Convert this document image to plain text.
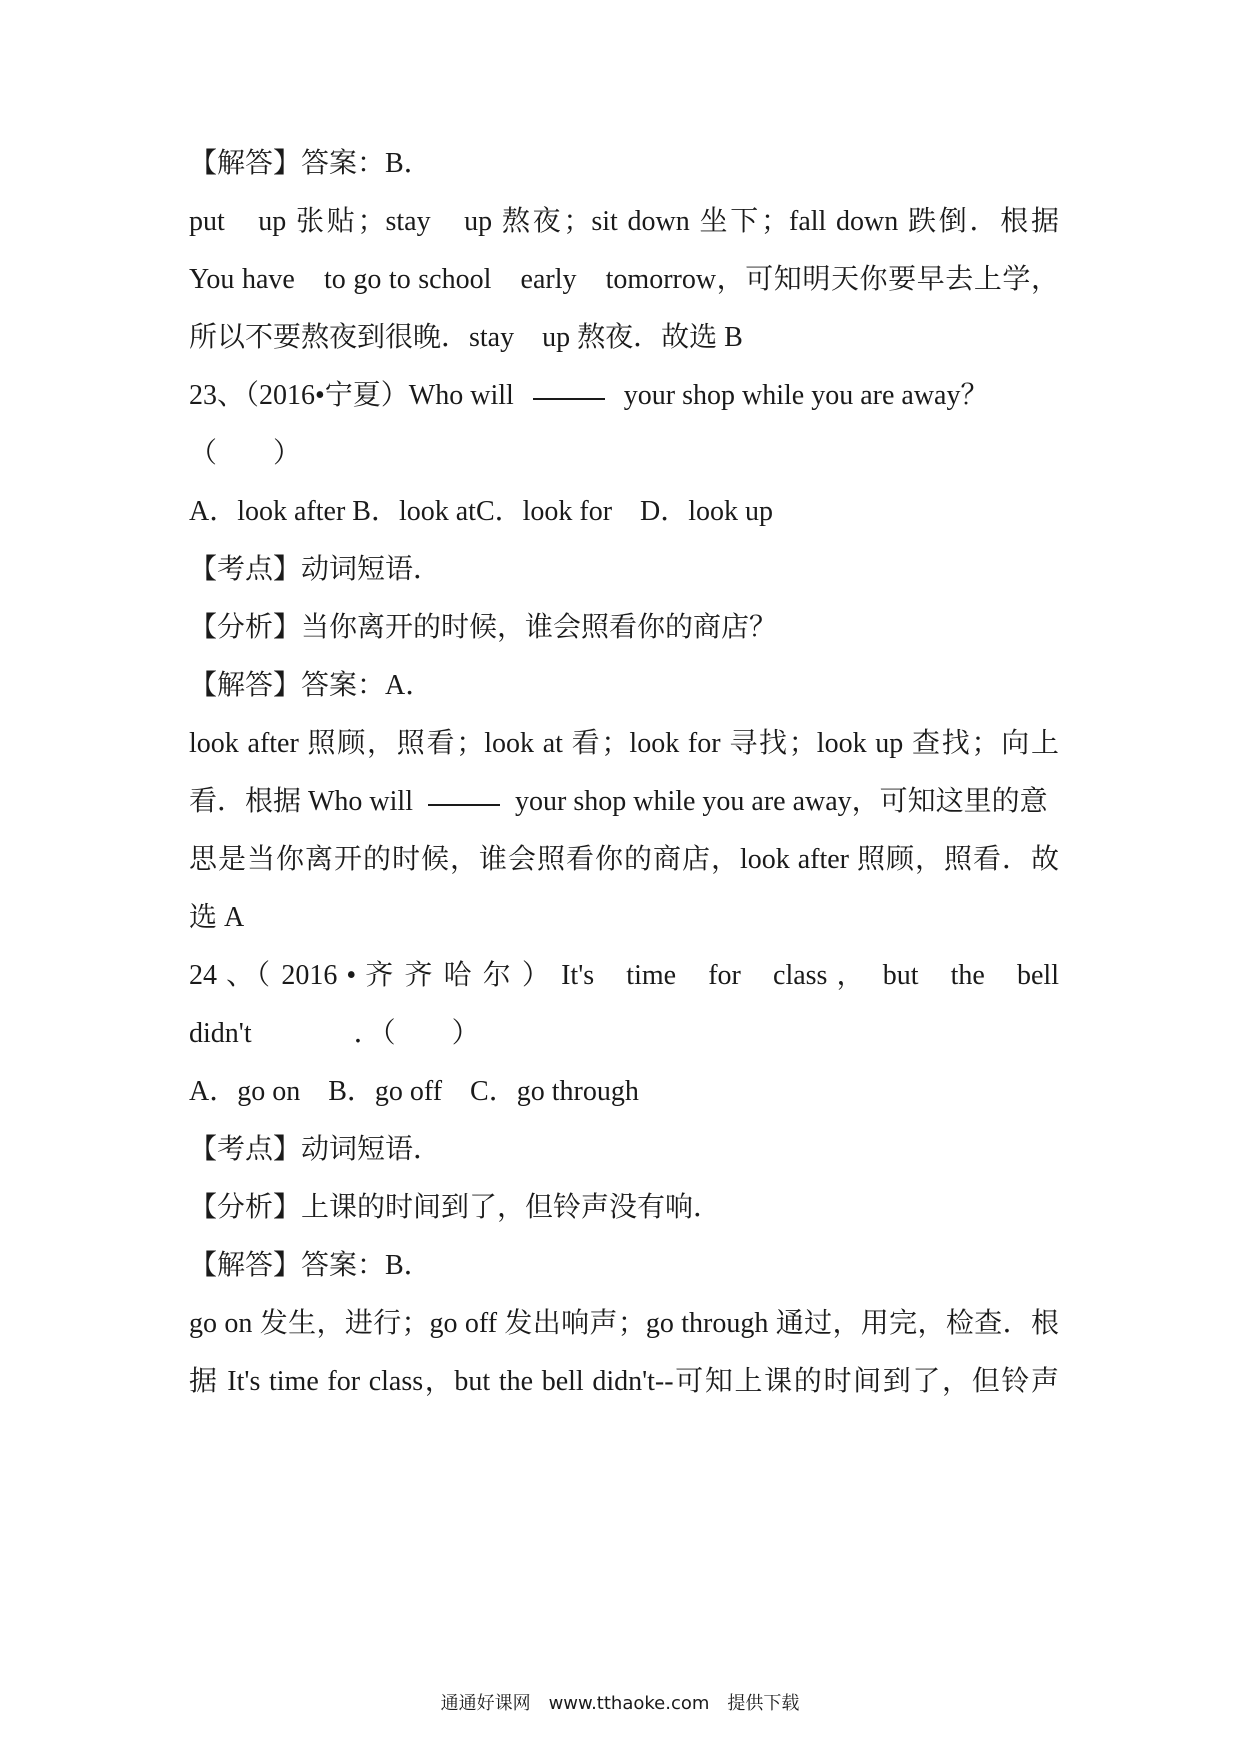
【解答】答案：B．
put　up 张贴；stay　up 熬夜；sit down 坐下；fall down 跌倒．根据
You have　to go to school　early　tomorrow，可知明天你要早去上学，
所以不要熬夜到很晚．stay　up 熬夜．故选 B
23、（2016•宁夏）Who will	your shop while you are away？
（　　）
A．look after B．look atC．look for　D．look up
【考点】动词短语．
【分析】当你离开的时候，谁会照看你的商店？
【解答】答案：A．
look after 照顾，照看；look at 看；look for 寻找；look up 查找；向上
看．根据 Who will	your shop while you are away，可知这里的意
思是当你离开的时候，谁会照看你的商店，look after 照顾，照看．故
选 A
24 、（ 2016 • 齐 齐 哈 尔 ） It's　time　for　class ，　but　the　bell
didn't	．（　　）
A．go on　B．go off　C．go through
【考点】动词短语．
【分析】上课的时间到了，但铃声没有响．
【解答】答案：B．
go on 发生，进行；go off 发出响声；go through 通过，用完，检查．根
据 It's time for class，but the bell didn't--可知上课的时间到了，但铃声
通通好课网　www.tthaoke.com　提供下载
